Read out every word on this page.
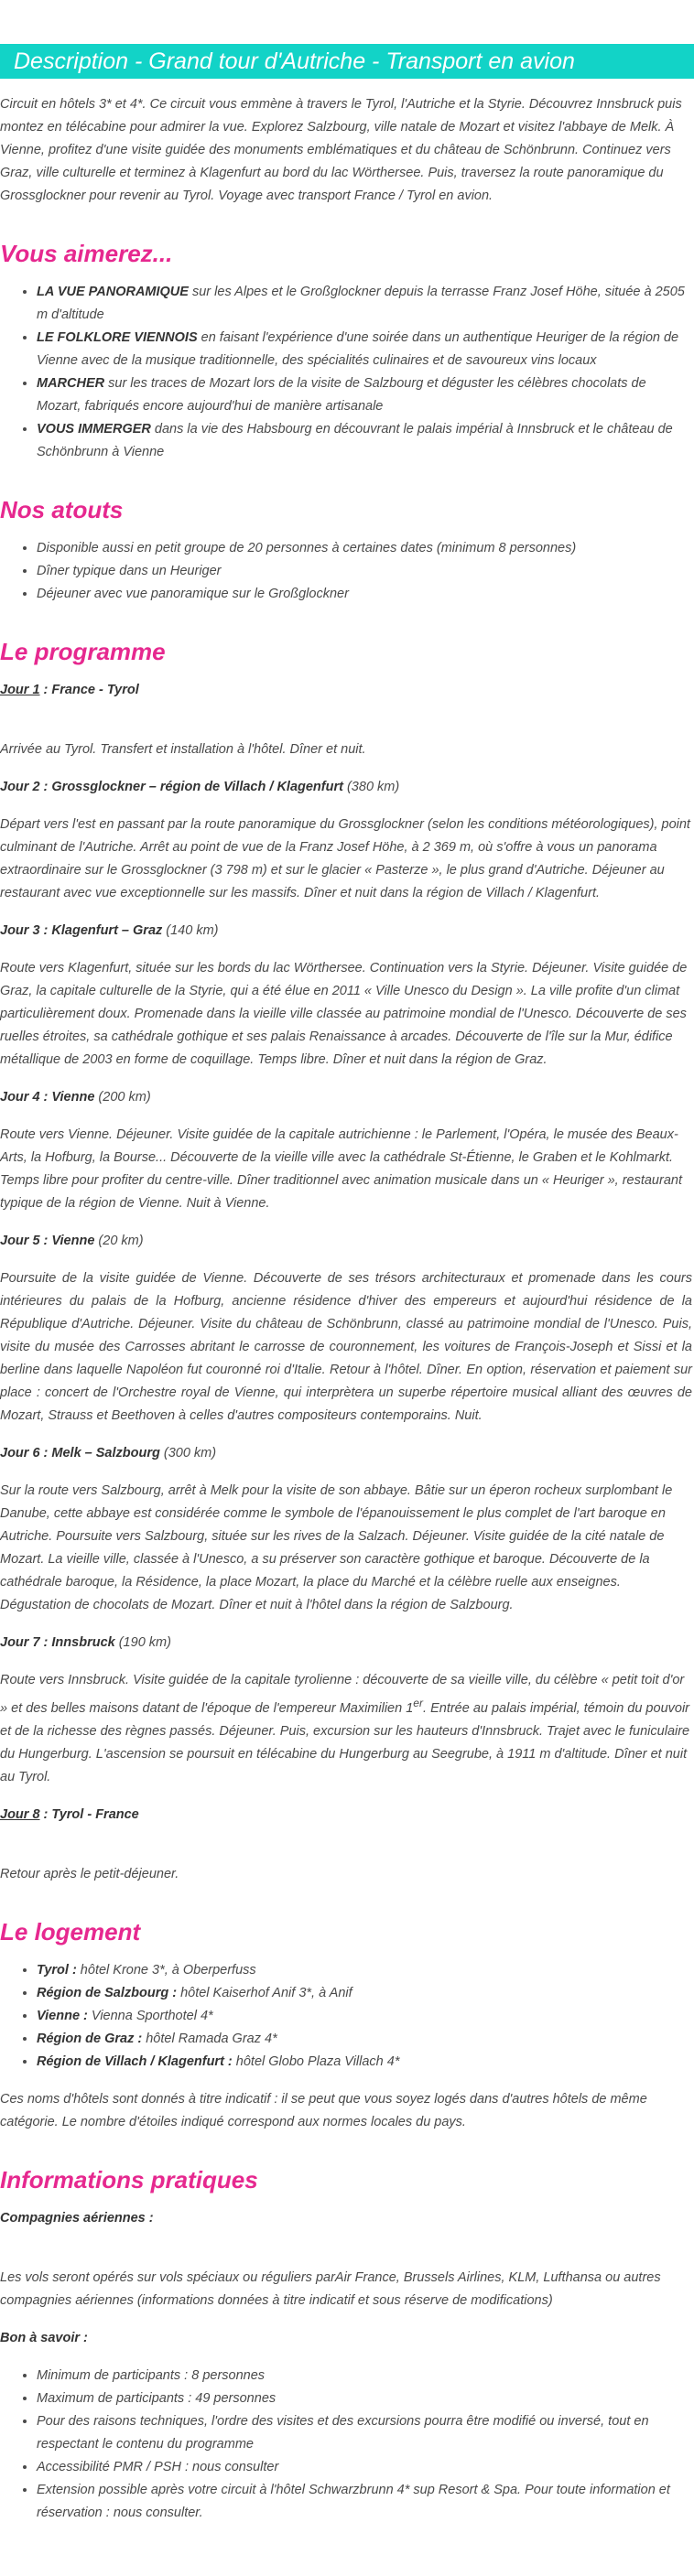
Description - Grand tour d'Autriche - Transport en avion

Circuit en hôtels 3* et 4*. Ce circuit vous emmène à travers le Tyrol, l'Autriche et la Styrie. Découvrez Innsbruck puis montez en télécabine pour admirer la vue. Explorez Salzbourg, ville natale de Mozart et visitez l'abbaye de Melk. À Vienne, profitez d'une visite guidée des monuments emblématiques et du château de Schönbrunn. Continuez vers Graz, ville culturelle et terminez à Klagenfurt au bord du lac Wörthersee. Puis, traversez la route panoramique du Grossglockner pour revenir au Tyrol. Voyage avec transport France / Tyrol en avion.

Vous aimerez...
• LA VUE PANORAMIQUE sur les Alpes et le Großglockner depuis la terrasse Franz Josef Höhe, située à 2505 m d'altitude
• LE FOLKLORE VIENNOIS en faisant l'expérience d'une soirée dans un authentique Heuriger de la région de Vienne avec de la musique traditionnelle, des spécialités culinaires et de savoureux vins locaux
• MARCHER sur les traces de Mozart lors de la visite de Salzbourg et déguster les célèbres chocolats de Mozart, fabriqués encore aujourd'hui de manière artisanale
• VOUS IMMERGER dans la vie des Habsbourg en découvrant le palais impérial à Innsbruck et le château de Schönbrunn à Vienne
Nos atouts
• Disponible aussi en petit groupe de 20 personnes à certaines dates (minimum 8 personnes)
• Dîner typique dans un Heuriger
• Déjeuner avec vue panoramique sur le Großglockner
Le programme
Jour 1 : France - Tyrol

Arrivée au Tyrol. Transfert et installation à l'hôtel. Dîner et nuit.

Jour 2 : Grossglockner – région de Villach / Klagenfurt (380 km)

Départ vers l'est en passant par la route panoramique du Grossglockner (selon les conditions météorologiques), point culminant de l'Autriche. Arrêt au point de vue de la Franz Josef Höhe, à 2 369 m, où s'offre à vous un panorama extraordinaire sur le Grossglockner (3 798 m) et sur le glacier « Pasterze », le plus grand d'Autriche. Déjeuner au restaurant avec vue exceptionnelle sur les massifs. Dîner et nuit dans la région de Villach / Klagenfurt.

Jour 3 : Klagenfurt – Graz (140 km)

Route vers Klagenfurt, située sur les bords du lac Wörthersee. Continuation vers la Styrie. Déjeuner. Visite guidée de Graz, la capitale culturelle de la Styrie, qui a été élue en 2011 « Ville Unesco du Design ». La ville profite d'un climat particulièrement doux. Promenade dans la vieille ville classée au patrimoine mondial de l'Unesco. Découverte de ses ruelles étroites, sa cathédrale gothique et ses palais Renaissance à arcades. Découverte de l'île sur la Mur, édifice métallique de 2003 en forme de coquillage. Temps libre. Dîner et nuit dans la région de Graz.

Jour 4 : Vienne (200 km)

Route vers Vienne. Déjeuner. Visite guidée de la capitale autrichienne : le Parlement, l'Opéra, le musée des Beaux-Arts, la Hofburg, la Bourse... Découverte de la vieille ville avec la cathédrale St-Étienne, le Graben et le Kohlmarkt. Temps libre pour profiter du centre-ville. Dîner traditionnel avec animation musicale dans un « Heuriger », restaurant typique de la région de Vienne. Nuit à Vienne.

Jour 5 : Vienne (20 km)

Poursuite de la visite guidée de Vienne. Découverte de ses trésors architecturaux et promenade dans les cours intérieures du palais de la Hofburg, ancienne résidence d'hiver des empereurs et aujourd'hui résidence de la République d'Autriche. Déjeuner. Visite du château de Schönbrunn, classé au patrimoine mondial de l'Unesco. Puis, visite du musée des Carrosses abritant le carrosse de couronnement, les voitures de François-Joseph et Sissi et la berline dans laquelle Napoléon fut couronné roi d'Italie. Retour à l'hôtel. Dîner. En option, réservation et paiement sur place : concert de l'Orchestre royal de Vienne, qui interprètera un superbe répertoire musical alliant des œuvres de Mozart, Strauss et Beethoven à celles d'autres compositeurs contemporains. Nuit.

Jour 6 : Melk – Salzbourg (300 km)

Sur la route vers Salzbourg, arrêt à Melk pour la visite de son abbaye. Bâtie sur un éperon rocheux surplombant le Danube, cette abbaye est considérée comme le symbole de l'épanouissement le plus complet de l'art baroque en Autriche. Poursuite vers Salzbourg, située sur les rives de la Salzach. Déjeuner. Visite guidée de la cité natale de Mozart. La vieille ville, classée à l'Unesco, a su préserver son caractère gothique et baroque. Découverte de la cathédrale baroque, la Résidence, la place Mozart, la place du Marché et la célèbre ruelle aux enseignes. Dégustation de chocolats de Mozart. Dîner et nuit à l'hôtel dans la région de Salzbourg.

Jour 7 : Innsbruck (190 km)

Route vers Innsbruck. Visite guidée de la capitale tyrolienne : découverte de sa vieille ville, du célèbre « petit toit d'or » et des belles maisons datant de l'époque de l'empereur Maximilien 1er. Entrée au palais impérial, témoin du pouvoir et de la richesse des règnes passés. Déjeuner. Puis, excursion sur les hauteurs d'Innsbruck. Trajet avec le funiculaire du Hungerburg. L'ascension se poursuit en télécabine du Hungerburg au Seegrube, à 1911 m d'altitude. Dîner et nuit au Tyrol.

Jour 8 : Tyrol - France

Retour après le petit-déjeuner.

Le logement
• Tyrol : hôtel Krone 3*, à Oberperfuss
• Région de Salzbourg : hôtel Kaiserhof Anif 3*, à Anif
• Vienne : Vienna Sporthotel 4*
• Région de Graz : hôtel Ramada Graz 4*
• Région de Villach / Klagenfurt : hôtel Globo Plaza Villach 4*

Ces noms d'hôtels sont donnés à titre indicatif : il se peut que vous soyez logés dans d'autres hôtels de même catégorie. Le nombre d'étoiles indiqué correspond aux normes locales du pays.

Informations pratiques
Compagnies aériennes :

Les vols seront opérés sur vols spéciaux ou réguliers parAir France, Brussels Airlines, KLM, Lufthansa ou autres compagnies aériennes (informations données à titre indicatif et sous réserve de modifications)

Bon à savoir :
• Minimum de participants : 8 personnes
• Maximum de participants : 49 personnes
• Pour des raisons techniques, l'ordre des visites et des excursions pourra être modifié ou inversé, tout en respectant le contenu du programme
• Accessibilité PMR / PSH : nous consulter
• Extension possible après votre circuit à l'hôtel Schwarzbrunn 4* sup Resort & Spa. Pour toute information et réservation : nous consulter.
